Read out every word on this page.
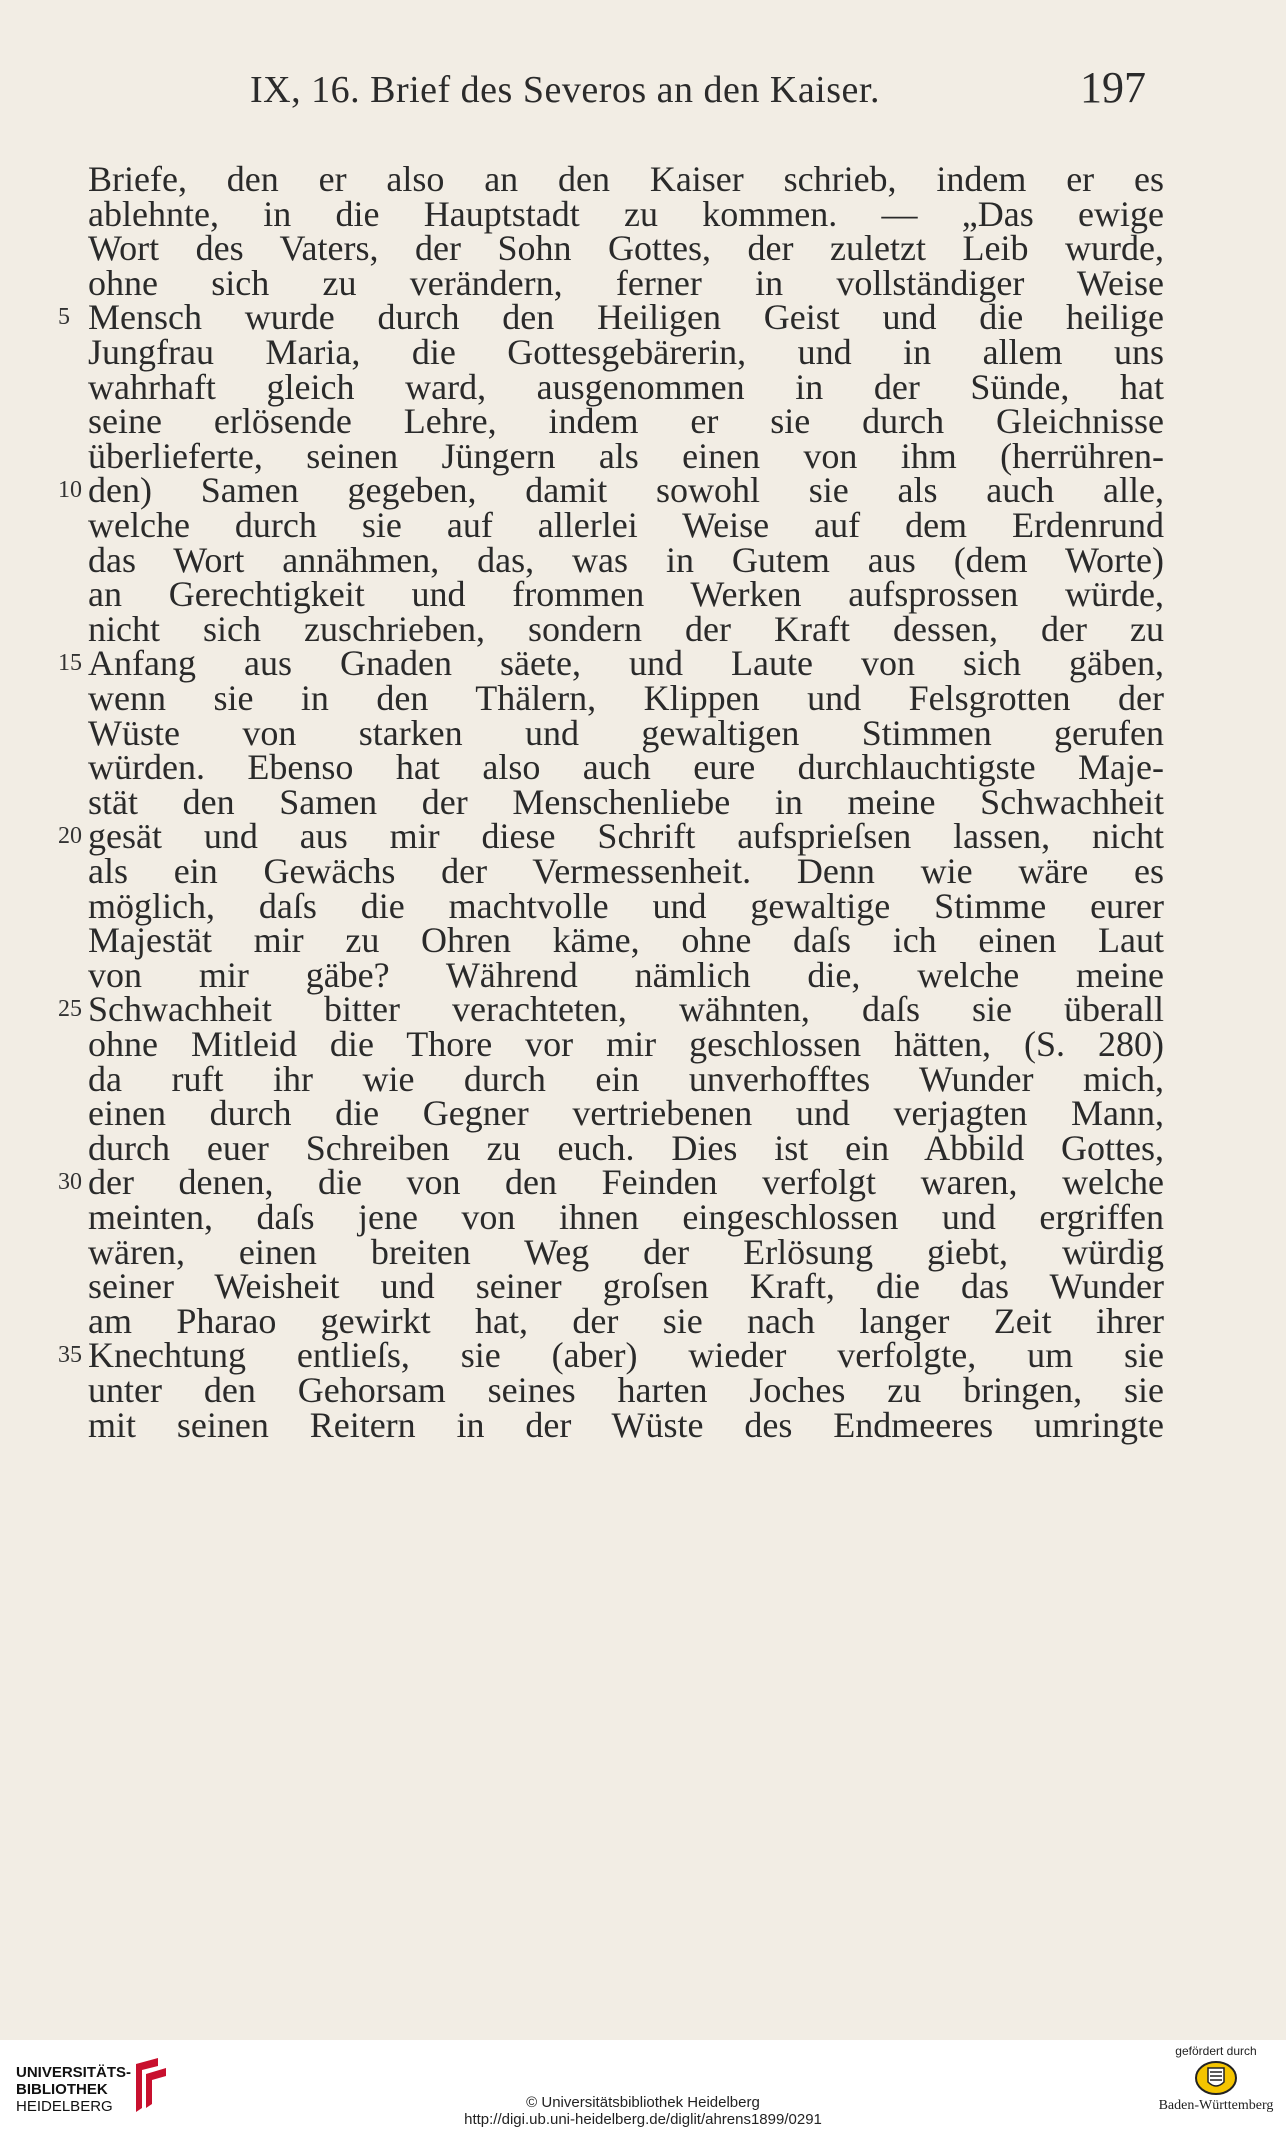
IX, 16. Brief des Severos an den Kaiser.	197
Briefe, den er also an den Kaiser schrieb, indem er es
ablehnte, in die Hauptstadt zu kommen. — „Das ewige
Wort des Vaters, der Sohn Gottes, der zuletzt Leib wurde,
ohne sich zu verändern, ferner in vollständiger Weise
Mensch wurde durch den Heiligen Geist und die heilige
5
Jungfrau Maria, die Gottesgebärerin, und in allem uns
wahrhaft gleich ward, ausgenommen in der Sünde, hat
seine erlösende Lehre, indem er sie durch Gleichnisse
überlieferte, seinen Jüngern als einen von ihm (herrühren-
den) Samen gegeben, damit sowohl sie als auch alle,
10
welche durch sie auf allerlei Weise auf dem Erdenrund
das Wort annähmen, das, was in Gutem aus (dem Worte)
an Gerechtigkeit und frommen Werken aufsprossen würde,
nicht sich zuschrieben, sondern der Kraft dessen, der zu
Anfang aus Gnaden säete, und Laute von sich gäben,
15
wenn sie in den Thälern, Klippen und Felsgrotten der
Wüste von starken und gewaltigen Stimmen gerufen
würden. Ebenso hat also auch eure durchlauchtigste Maje-
stät den Samen der Menschenliebe in meine Schwachheit
gesät und aus mir diese Schrift aufsprieſsen lassen, nicht
20
als ein Gewächs der Vermessenheit. Denn wie wäre es
möglich, daſs die machtvolle und gewaltige Stimme eurer
Majestät mir zu Ohren käme, ohne daſs ich einen Laut
von mir gäbe? Während nämlich die, welche meine
Schwachheit bitter verachteten, wähnten, daſs sie überall
25
ohne Mitleid die Thore vor mir geschlossen hätten, (S. 280)
da ruft ihr wie durch ein unverhofftes Wunder mich,
einen durch die Gegner vertriebenen und verjagten Mann,
durch euer Schreiben zu euch. Dies ist ein Abbild Gottes,
der denen, die von den Feinden verfolgt waren, welche
30
meinten, daſs jene von ihnen eingeschlossen und ergriffen
wären, einen breiten Weg der Erlösung giebt, würdig
seiner Weisheit und seiner groſsen Kraft, die das Wunder
am Pharao gewirkt hat, der sie nach langer Zeit ihrer
Knechtung entlieſs, sie (aber) wieder verfolgte, um sie
35
unter den Gehorsam seines harten Joches zu bringen, sie
mit seinen Reitern in der Wüste des Endmeeres umringte
UNIVERSITÄTS-
BIBLIOTHEK
HEIDELBERG	© Universitätsbibliothek Heidelberg
http://digi.ub.uni-heidelberg.de/diglit/ahrens1899/0291
gefördert durch
Baden-Württemberg
